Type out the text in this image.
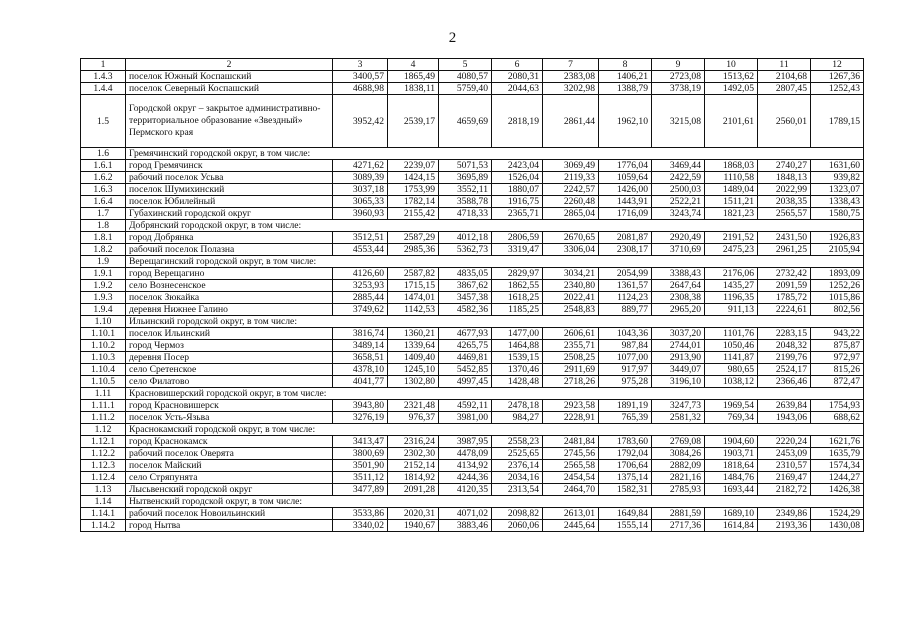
2
1	2	3	4	5	6	7	8	9	10	11	12
1.4.3	поселок Южный Коспашский	3400,57	1865,49	4080,57	2080,31	2383,08	1406,21	2723,08	1513,62	2104,68	1267,36
1.4.4	поселок Северный Коспашский	4688,98	1838,11	5759,40	2044,63	3202,98	1388,79	3738,19	1492,05	2807,45	1252,43
1.5	Городской округ – закрытое административно-территориальное образование «Звездный» Пермского края	3952,42	2539,17	4659,69	2818,19	2861,44	1962,10	3215,08	2101,61	2560,01	1789,15
1.6	Гремячинский городской округ, в том числе:										
1.6.1	город Гремячинск	4271,62	2239,07	5071,53	2423,04	3069,49	1776,04	3469,44	1868,03	2740,27	1631,60
1.6.2	рабочий поселок Усьва	3089,39	1424,15	3695,89	1526,04	2119,33	1059,64	2422,59	1110,58	1848,13	939,82
1.6.3	поселок Шумихинский	3037,18	1753,99	3552,11	1880,07	2242,57	1426,00	2500,03	1489,04	2022,99	1323,07
1.6.4	поселок Юбилейный	3065,33	1782,14	3588,78	1916,75	2260,48	1443,91	2522,21	1511,21	2038,35	1338,43
1.7	Губахинский городской округ	3960,93	2155,42	4718,33	2365,71	2865,04	1716,09	3243,74	1821,23	2565,57	1580,75
1.8	Добрянский городской округ, в том числе:										
1.8.1	город Добрянка	3512,51	2587,29	4012,18	2806,59	2670,65	2081,87	2920,49	2191,52	2431,50	1926,83
1.8.2	рабочий поселок Полазна	4553,44	2985,36	5362,73	3319,47	3306,04	2308,17	3710,69	2475,23	2961,25	2105,94
1.9	Верещагинский городской округ, в том числе:										
1.9.1	город Верещагино	4126,60	2587,82	4835,05	2829,97	3034,21	2054,99	3388,43	2176,06	2732,42	1893,09
1.9.2	село Вознесенское	3253,93	1715,15	3867,62	1862,55	2340,80	1361,57	2647,64	1435,27	2091,59	1252,26
1.9.3	поселок Зюкайка	2885,44	1474,01	3457,38	1618,25	2022,41	1124,23	2308,38	1196,35	1785,72	1015,86
1.9.4	деревня Нижнее Галино	3749,62	1142,53	4582,36	1185,25	2548,83	889,77	2965,20	911,13	2224,61	802,56
1.10	Ильинский городской округ, в том числе:										
1.10.1	поселок Ильинский	3816,74	1360,21	4677,93	1477,00	2606,61	1043,36	3037,20	1101,76	2283,15	943,22
1.10.2	город Чермоз	3489,14	1339,64	4265,75	1464,88	2355,71	987,84	2744,01	1050,46	2048,32	875,87
1.10.3	деревня Посер	3658,51	1409,40	4469,81	1539,15	2508,25	1077,00	2913,90	1141,87	2199,76	972,97
1.10.4	село Сретенское	4378,10	1245,10	5452,85	1370,46	2911,69	917,97	3449,07	980,65	2524,17	815,26
1.10.5	село Филатово	4041,77	1302,80	4997,45	1428,48	2718,26	975,28	3196,10	1038,12	2366,46	872,47
1.11	Красновишерский городской округ, в том числе:										
1.11.1	город Красновишерск	3943,80	2321,48	4592,11	2478,18	2923,58	1891,19	3247,73	1969,54	2639,84	1754,93
1.11.2	поселок Усть-Язьва	3276,19	976,37	3981,00	984,27	2228,91	765,39	2581,32	769,34	1943,06	688,62
1.12	Краснокамский городской округ, в том числе:										
1.12.1	город Краснокамск	3413,47	2316,24	3987,95	2558,23	2481,84	1783,60	2769,08	1904,60	2220,24	1621,76
1.12.2	рабочий поселок Оверята	3800,69	2302,30	4478,09	2525,65	2745,56	1792,04	3084,26	1903,71	2453,09	1635,79
1.12.3	поселок Майский	3501,90	2152,14	4134,92	2376,14	2565,58	1706,64	2882,09	1818,64	2310,57	1574,34
1.12.4	село Стряпунята	3511,12	1814,92	4244,36	2034,16	2454,54	1375,14	2821,16	1484,76	2169,47	1244,27
1.13	Лысьвенский городской округ	3477,89	2091,28	4120,35	2313,54	2464,70	1582,31	2785,93	1693,44	2182,72	1426,38
1.14	Нытвенский городской округ, в том числе:										
1.14.1	рабочий поселок Новоильинский	3533,86	2020,31	4071,02	2098,82	2613,01	1649,84	2881,59	1689,10	2349,86	1524,29
1.14.2	город Нытва	3340,02	1940,67	3883,46	2060,06	2445,64	1555,14	2717,36	1614,84	2193,36	1430,08
